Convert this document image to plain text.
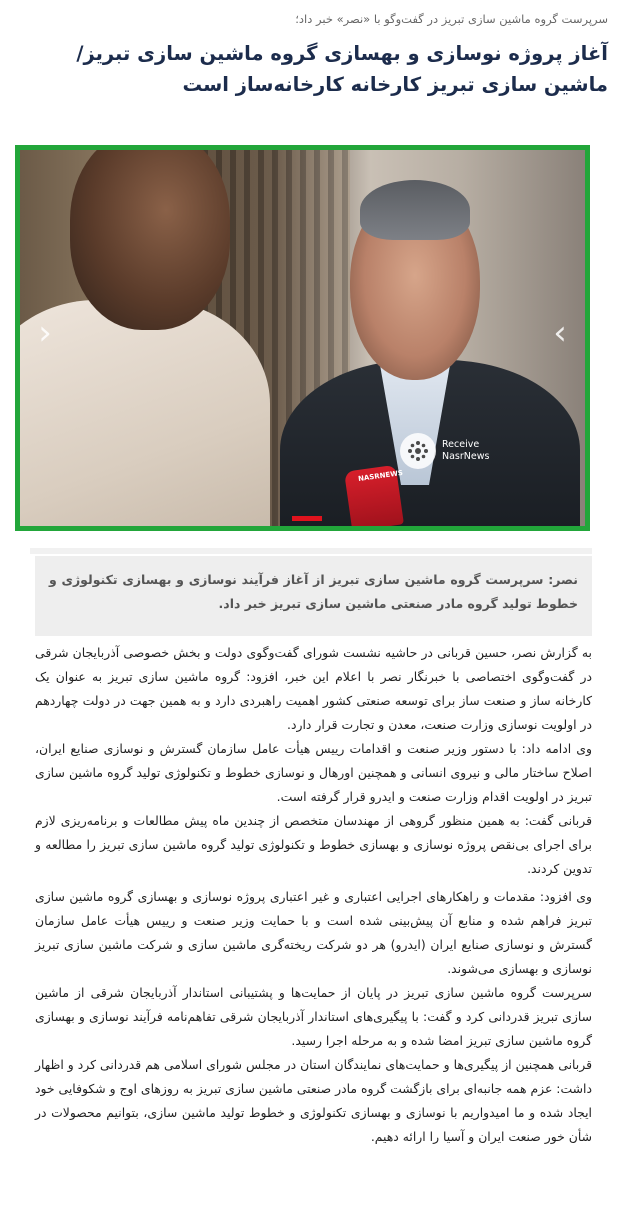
سرپرست گروه ماشین سازی تبریز در گفت‌وگو با «نصر» خبر داد؛
آغاز پروژه نوسازی و بهسازی گروه ماشین سازی تبریز/ ماشین سازی تبریز کارخانه کارخانه‌ساز است
NASRNEWS
Receive
NasrNews
‹	›

نصر: سرپرست گروه ماشین سازی تبریز از آغاز فرآیند نوسازی و بهسازی تکنولوژی و خطوط تولید گروه مادر صنعتی ماشین سازی تبریز خبر داد.

به گزارش نصر، حسین قربانی در حاشیه نشست شورای گفت‌وگوی دولت و بخش خصوصی آذربایجان شرقی در گفت‌وگوی اختصاصی با خبرنگار نصر با اعلام این خبر، افزود: گروه ماشین سازی تبریز به عنوان یک کارخانه ساز و صنعت ساز برای توسعه صنعتی کشور اهمیت راهبردی دارد و به همین جهت در دولت چهاردهم در اولویت نوسازی وزارت صنعت، معدن و تجارت قرار دارد.

وی ادامه داد: با دستور وزیر صنعت و اقدامات رییس هیأت عامل سازمان گسترش و نوسازی صنایع ایران، اصلاح ساختار مالی و نیروی انسانی و همچنین اورهال و نوسازی خطوط و تکنولوژی تولید گروه ماشین سازی تبریز در اولویت اقدام وزارت صنعت و ایدرو قرار گرفته است.

قربانی گفت: به همین منظور گروهی از مهندسان متخصص از چندین ماه پیش مطالعات و برنامه‌ریزی لازم برای اجرای بی‌نقص پروژه نوسازی و بهسازی خطوط و تکنولوژی تولید گروه ماشین سازی تبریز را مطالعه و تدوین کردند.

وی افزود: مقدمات و راهکارهای اجرایی اعتباری و غیر اعتباری پروژه نوسازی و بهسازی گروه ماشین سازی تبریز فراهم شده و منابع آن پیش‌بینی شده است و با حمایت وزیر صنعت و رییس هیأت عامل سازمان گسترش و نوسازی صنایع ایران (ایدرو) هر دو شرکت ریخته‌گری ماشین سازی و شرکت ماشین سازی تبریز نوسازی و بهسازی می‌شوند.

سرپرست گروه ماشین سازی تبریز در پایان از حمایت‌ها و پشتیبانی استاندار آذربایجان شرقی از ماشین سازی تبریز قدردانی کرد و گفت: با پیگیری‌های استاندار آذربایجان شرقی تفاهم‌نامه فرآیند نوسازی و بهسازی گروه ماشین سازی تبریز امضا شده و به مرحله اجرا رسید.

قربانی همچنین از پیگیری‌ها و حمایت‌های نمایندگان استان در مجلس شورای اسلامی هم قدردانی کرد و اظهار داشت: عزم همه جانبه‌ای برای بازگشت گروه مادر صنعتی ماشین سازی تبریز به روزهای اوج و شکوفایی خود ایجاد شده و ما امیدواریم با نوسازی و بهسازی تکنولوژی و خطوط تولید ماشین سازی، بتوانیم محصولات در شأن خور صنعت ایران و آسیا را ارائه دهیم.
